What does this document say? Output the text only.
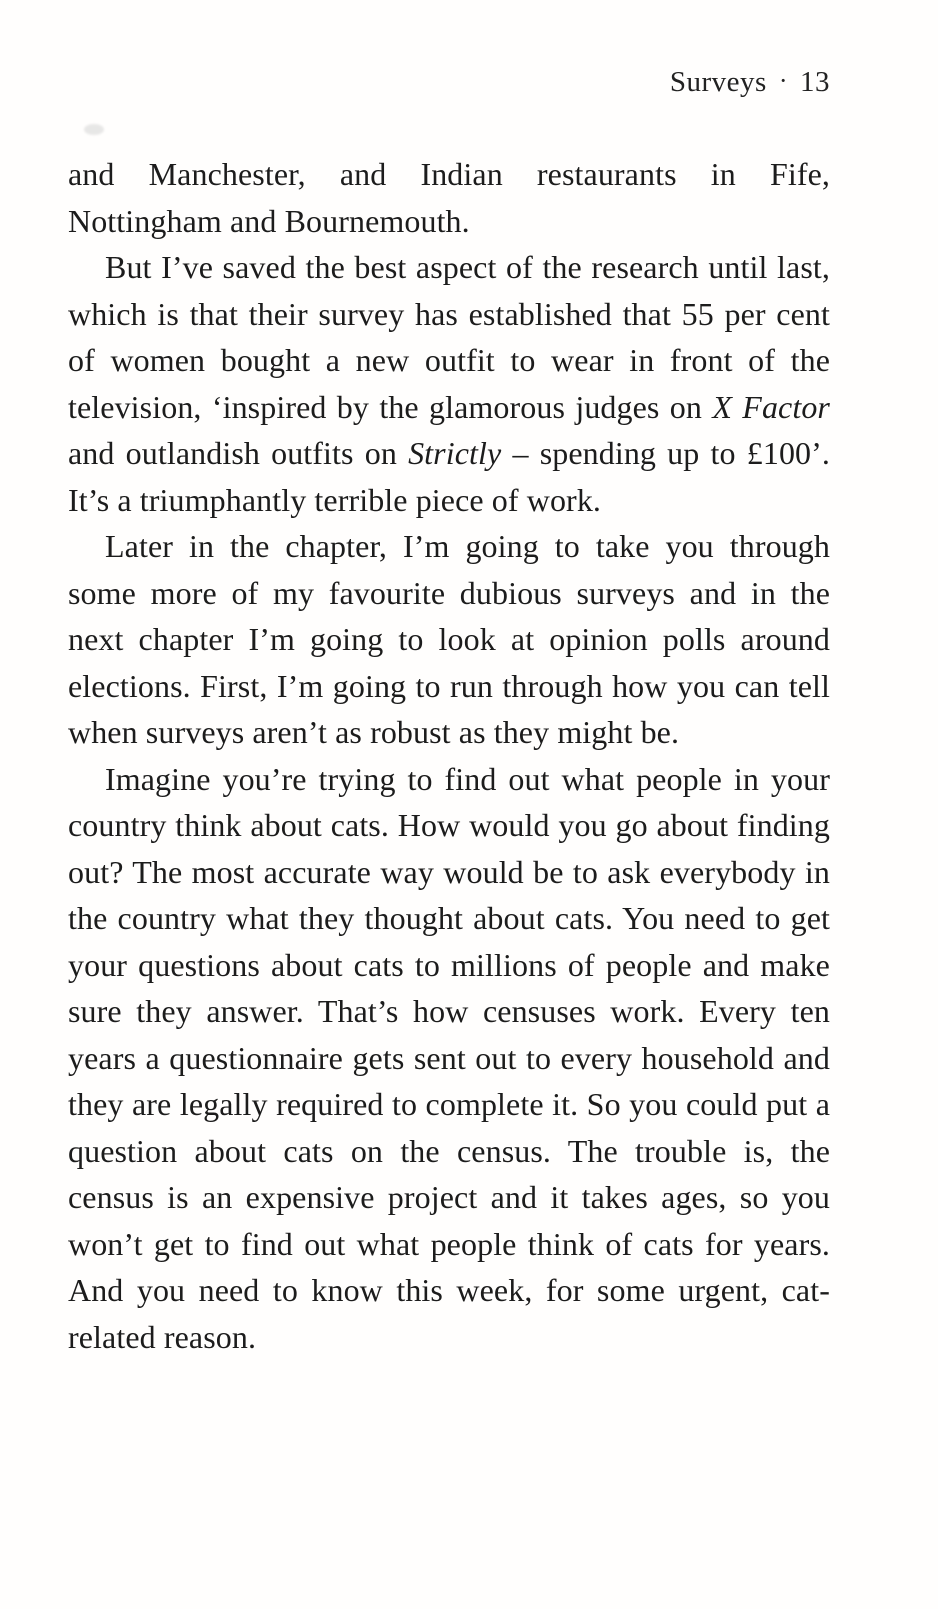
Surveys · 13

and Manchester, and Indian restaurants in Fife, Nottingham and Bournemouth.

But I’ve saved the best aspect of the research until last, which is that their survey has established that 55 per cent of women bought a new outfit to wear in front of the television, ‘inspired by the glamorous judges on X Factor and outlandish outfits on Strictly – spending up to £100’. It’s a triumphantly terrible piece of work.

Later in the chapter, I’m going to take you through some more of my favourite dubious surveys and in the next chapter I’m going to look at opinion polls around elections. First, I’m going to run through how you can tell when surveys aren’t as robust as they might be.

Imagine you’re trying to find out what people in your country think about cats. How would you go about finding out? The most accurate way would be to ask everybody in the country what they thought about cats. You need to get your questions about cats to millions of people and make sure they answer. That’s how censuses work. Every ten years a questionnaire gets sent out to every household and they are legally required to complete it. So you could put a question about cats on the census. The trouble is, the census is an expensive project and it takes ages, so you won’t get to find out what people think of cats for years. And you need to know this week, for some urgent, cat-related reason.
